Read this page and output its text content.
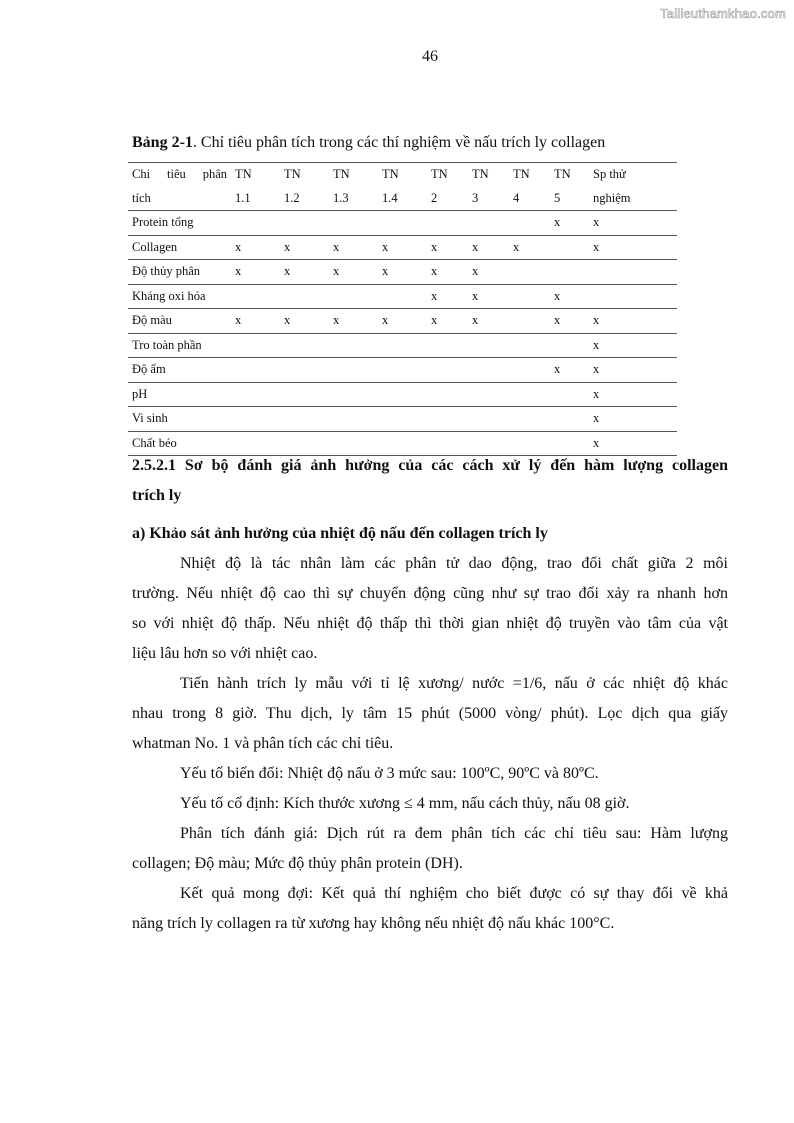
Tailieuthamkhao.com
46
Bảng 2-1. Chỉ tiêu phân tích trong các thí nghiệm về nấu trích ly collagen
Chi tiêu phân	TN	TN	TN	TN	TN	TN	TN	TN	Sp thử
tích	1.1	1.2	1.3	1.4	2	3	4	5	nghiệm
Protein tổng								x	x
Collagen	x	x	x	x	x	x	x		x
Độ thủy phân	x	x	x	x	x	x			
Kháng oxi hóa					x	x		x	
Độ màu	x	x	x	x	x	x		x	x
Tro toàn phần									x
Độ ẩm								x	x
pH									x
Vi sinh									x
Chất béo									x
2.5.2.1 Sơ bộ đánh giá ảnh hưởng của các cách xử lý đến hàm lượng collagen
trích ly
a) Khảo sát ảnh hưởng của nhiệt độ nấu đến collagen trích ly
Nhiệt độ là tác nhân làm các phân tử dao động, trao đổi chất giữa 2 môi
trường. Nếu nhiệt độ cao thì sự chuyển động cũng như sự trao đổi xảy ra nhanh hơn
so với nhiệt độ thấp. Nếu nhiệt độ thấp thì thời gian nhiệt độ truyền vào tâm của vật
liệu lâu hơn so với nhiệt cao.
Tiến hành trích ly mẫu với tỉ lệ xương/ nước =1/6, nấu ở các nhiệt độ khác
nhau trong 8 giờ. Thu dịch, ly tâm 15 phút (5000 vòng/ phút). Lọc dịch qua giấy
whatman No. 1 và phân tích các chỉ tiêu.
Yếu tố biến đổi: Nhiệt độ nấu ở 3 mức sau: 100ºC, 90ºC và 80ºC.
Yếu tố cố định: Kích thước xương ≤ 4 mm, nấu cách thủy, nấu 08 giờ.
Phân tích đánh giá: Dịch rút ra đem phân tích các chỉ tiêu sau: Hàm lượng
collagen; Độ màu; Mức độ thủy phân protein (DH).
Kết quả mong đợi: Kết quả thí nghiệm cho biết được có sự thay đổi về khả
năng trích ly collagen ra từ xương hay không nếu nhiệt độ nấu khác 100°C.
